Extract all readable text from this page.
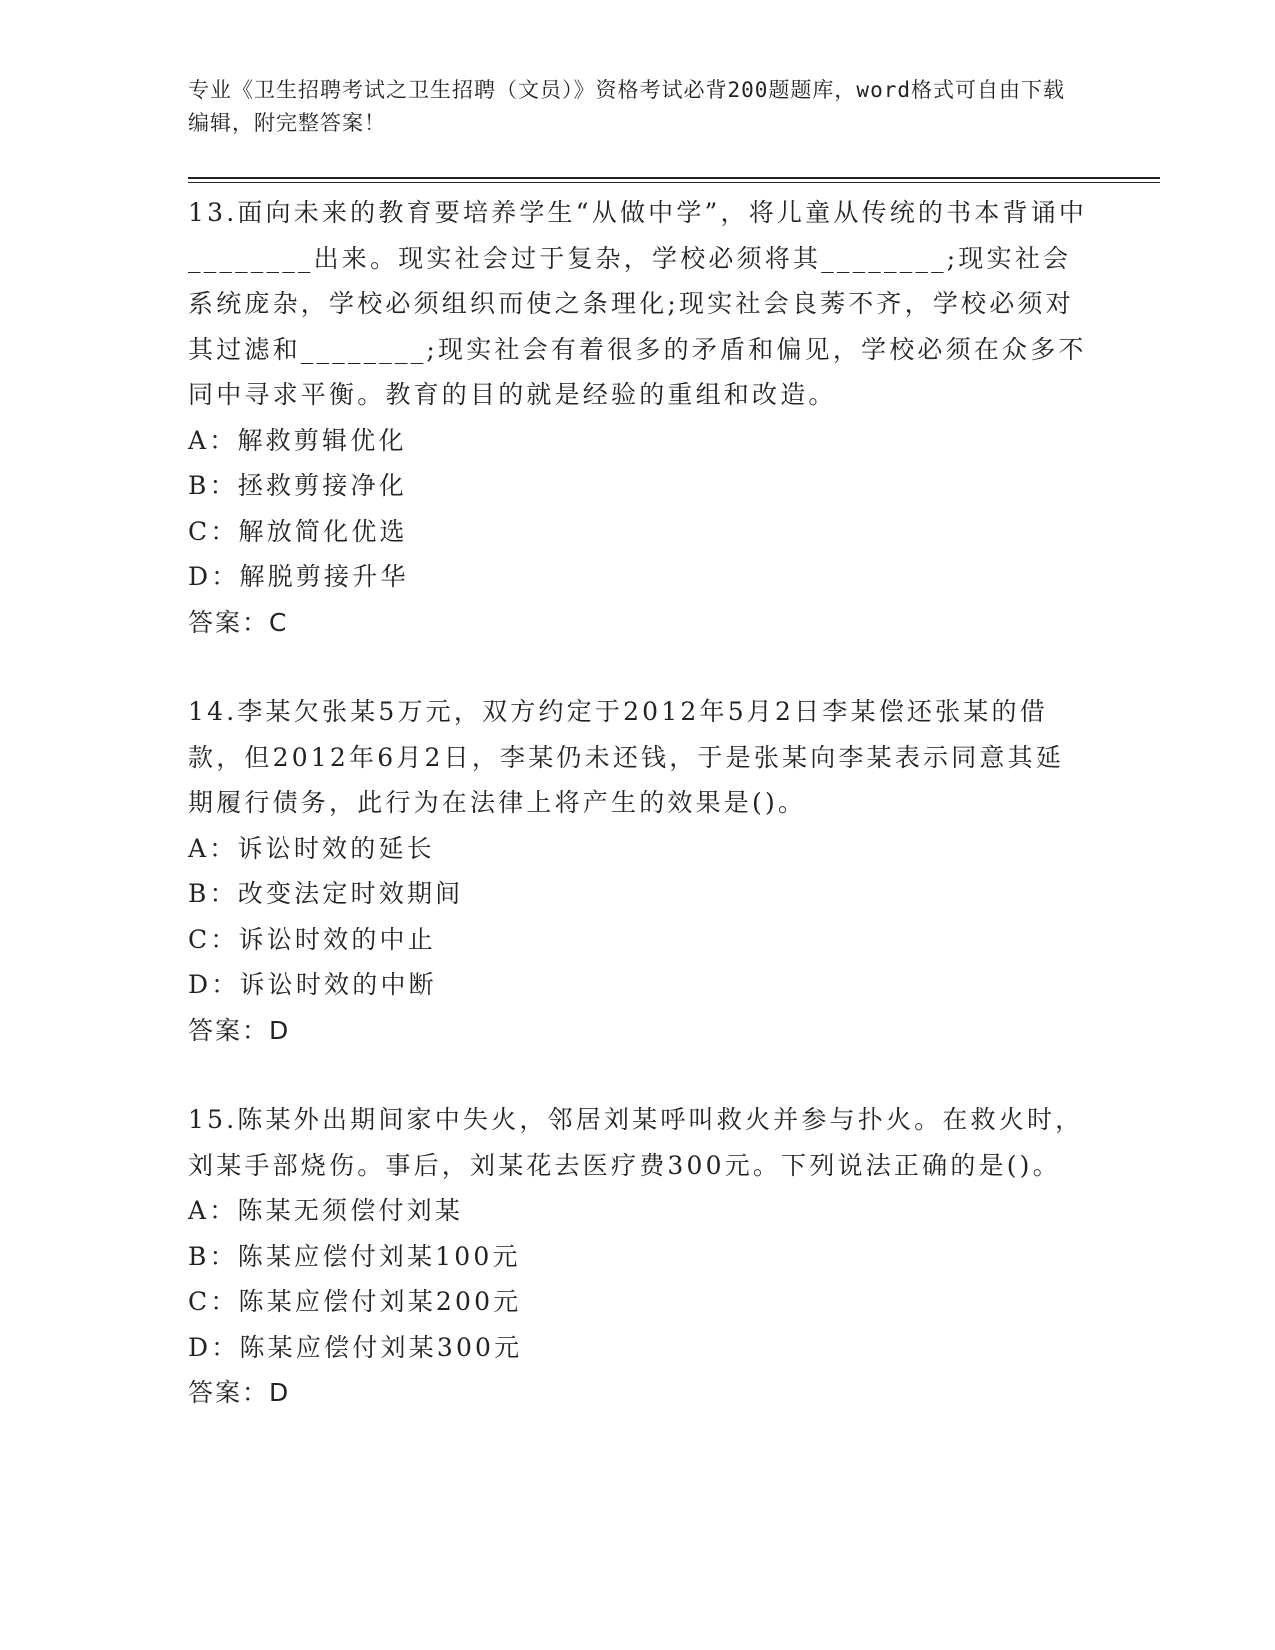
专业《卫生招聘考试之卫生招聘（文员）》资格考试必背200题题库，word格式可自由下载编辑，附完整答案！

13.面向未来的教育要培养学生“从做中学”，将儿童从传统的书本背诵中________出来。现实社会过于复杂，学校必须将其________;现实社会系统庞杂，学校必须组织而使之条理化;现实社会良莠不齐，学校必须对其过滤和________;现实社会有着很多的矛盾和偏见，学校必须在众多不同中寻求平衡。教育的目的就是经验的重组和改造。

A：解救剪辑优化

B：拯救剪接净化

C：解放简化优选

D：解脱剪接升华

答案：C

14.李某欠张某5万元，双方约定于2012年5月2日李某偿还张某的借款，但2012年6月2日，李某仍未还钱，于是张某向李某表示同意其延期履行债务，此行为在法律上将产生的效果是()。

A：诉讼时效的延长

B：改变法定时效期间

C：诉讼时效的中止

D：诉讼时效的中断

答案：D

15.陈某外出期间家中失火，邻居刘某呼叫救火并参与扑火。在救火时，刘某手部烧伤。事后，刘某花去医疗费300元。下列说法正确的是()。

A：陈某无须偿付刘某

B：陈某应偿付刘某100元

C：陈某应偿付刘某200元

D：陈某应偿付刘某300元

答案：D
